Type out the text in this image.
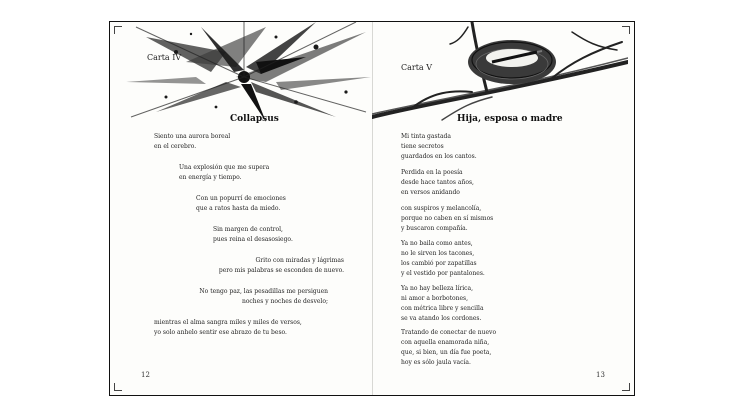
Carta IV
Carta V
Collapsus	Hija, esposa o madre
Siento una aurora boreal
en el cerebro.
Una explosión que me supera
en energía y tiempo.
Con un popurrí de emociones
que a ratos hasta da miedo.
Sin margen de control,
pues reina el desasosiego.
Grito con miradas y lágrimas
pero mis palabras se esconden de nuevo.
No tengo paz, las pesadillas me persiguen
noches y noches de desvelo;
mientras el alma sangra miles y miles de versos,
yo solo anhelo sentir ese abrazo de tu beso.
Mi tinta gastada
tiene secretos
guardados en los cantos.
Perdida en la poesía
desde hace tantos años,
en versos anidando
con suspiros y melancolía,
porque no caben en sí mismos
y buscaron compañía.
Ya no baila como antes,
no le sirven los tacones,
los cambió por zapatillas
y el vestido por pantalones.
Ya no hay belleza lírica,
ni amor a borbotones,
con métrica libre y sencilla
se va atando los cordones.
Tratando de conectar de nuevo
con aquella enamorada niña,
que, si bien, un día fue poeta,
hoy es sólo jaula vacía.
12	13
